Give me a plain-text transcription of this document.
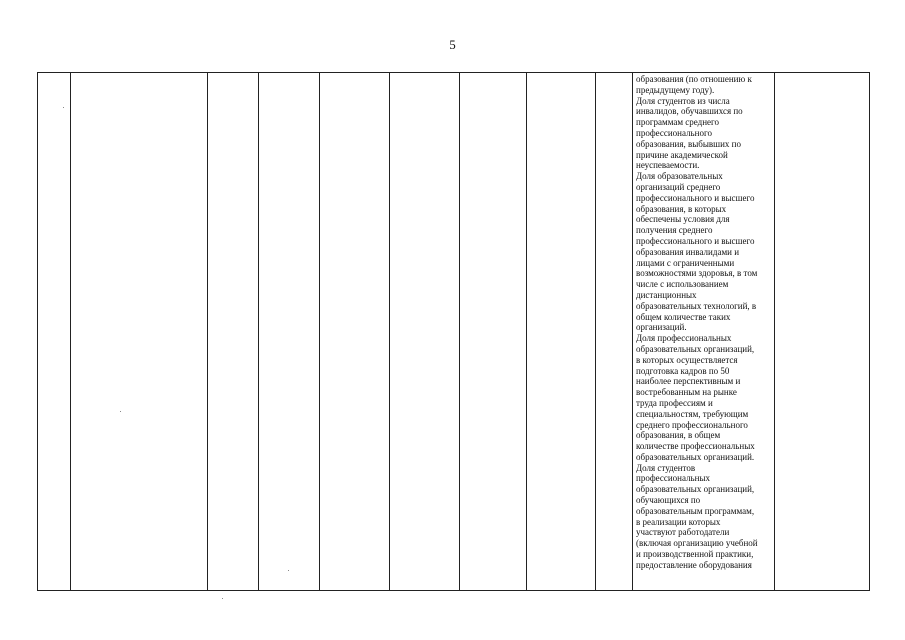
5

образования (по отношению к
предыдущему году).

Доля студентов из числа
инвалидов, обучавшихся по
программам среднего
профессионального
образования, выбывших по
причине академической
неуспеваемости.

Доля образовательных
организаций среднего
профессионального и высшего
образования, в которых
обеспечены условия для
получения среднего
профессионального и высшего
образования инвалидами и
лицами с ограниченными
возможностями здоровья, в том
числе с использованием
дистанционных
образовательных технологий, в
общем количестве таких
организаций.

Доля профессиональных
образовательных организаций,
в которых осуществляется
подготовка кадров по 50
наиболее перспективным и
востребованным на рынке
труда профессиям и
специальностям, требующим
среднего профессионального
образования, в общем
количестве профессиональных
образовательных организаций.

Доля студентов
профессиональных
образовательных организаций,
обучающихся по
образовательным программам,
в реализации которых
участвуют работодатели
(включая организацию учебной
и производственной практики,
предоставление оборудования
